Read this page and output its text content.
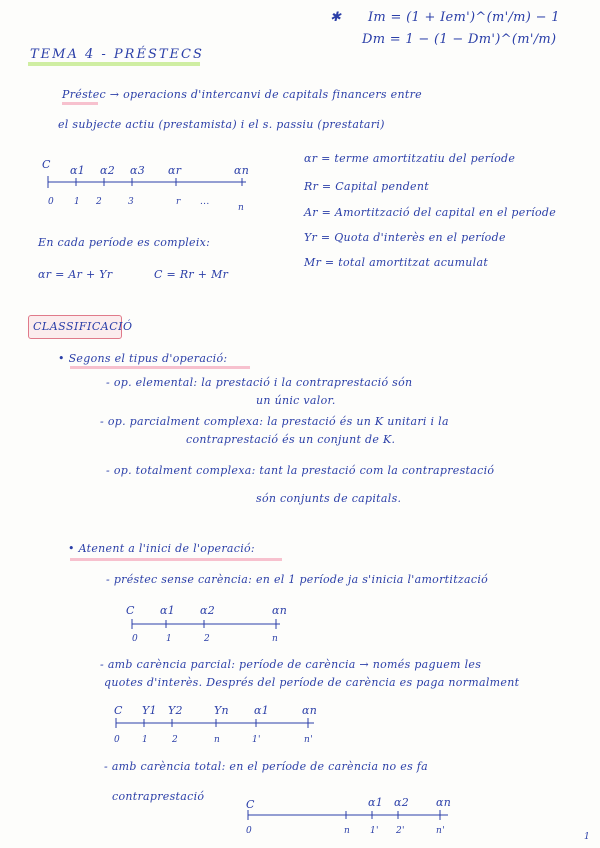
✱ Im = (1 + Iem')^(m'/m) − 1
Dm = 1 − (1 − Dm')^(m'/m)
TEMA 4 - PRÉSTECS
Préstec → operacions d'intercanvi de capitals financers entre
el subjecte actiu (prestamista) i el s. passiu (prestatari)
C α1 α2 α3 αr	αn
0 1 2	3	r ...
n
αr = terme amortitzatiu del període
Rr = Capital pendent
Ar = Amortització del capital en el període
Yr = Quota d'interès en el període
Mr = total amortitzat acumulat
En cada període es compleix:
αr = Ar + Yr	C = Rr + Mr
CLASSIFICACIÓ
• Segons el tipus d'operació:
- op. elemental: la prestació i la contraprestació són
un únic valor.
- op. parcialment complexa: la prestació és un K unitari i la
contraprestació és un conjunt de K.
- op. totalment complexa: tant la prestació com la contraprestació
són conjunts de capitals.
• Atenent a l'inici de l'operació:
- préstec sense carència: en el 1 període ja s'inicia l'amortització
C α1 α2	αn
0	1	2	n
- amb carència parcial: període de carència → només paguem les
quotes d'interès. Després del període de carència es paga normalment
C Y1 Y2	Yn α1	αn
0 1	2	n	1'	n'
- amb carència total: en el període de carència no es fa
contraprestació
C	α1 α2 αn
0	n 1' 2'	n'
1
